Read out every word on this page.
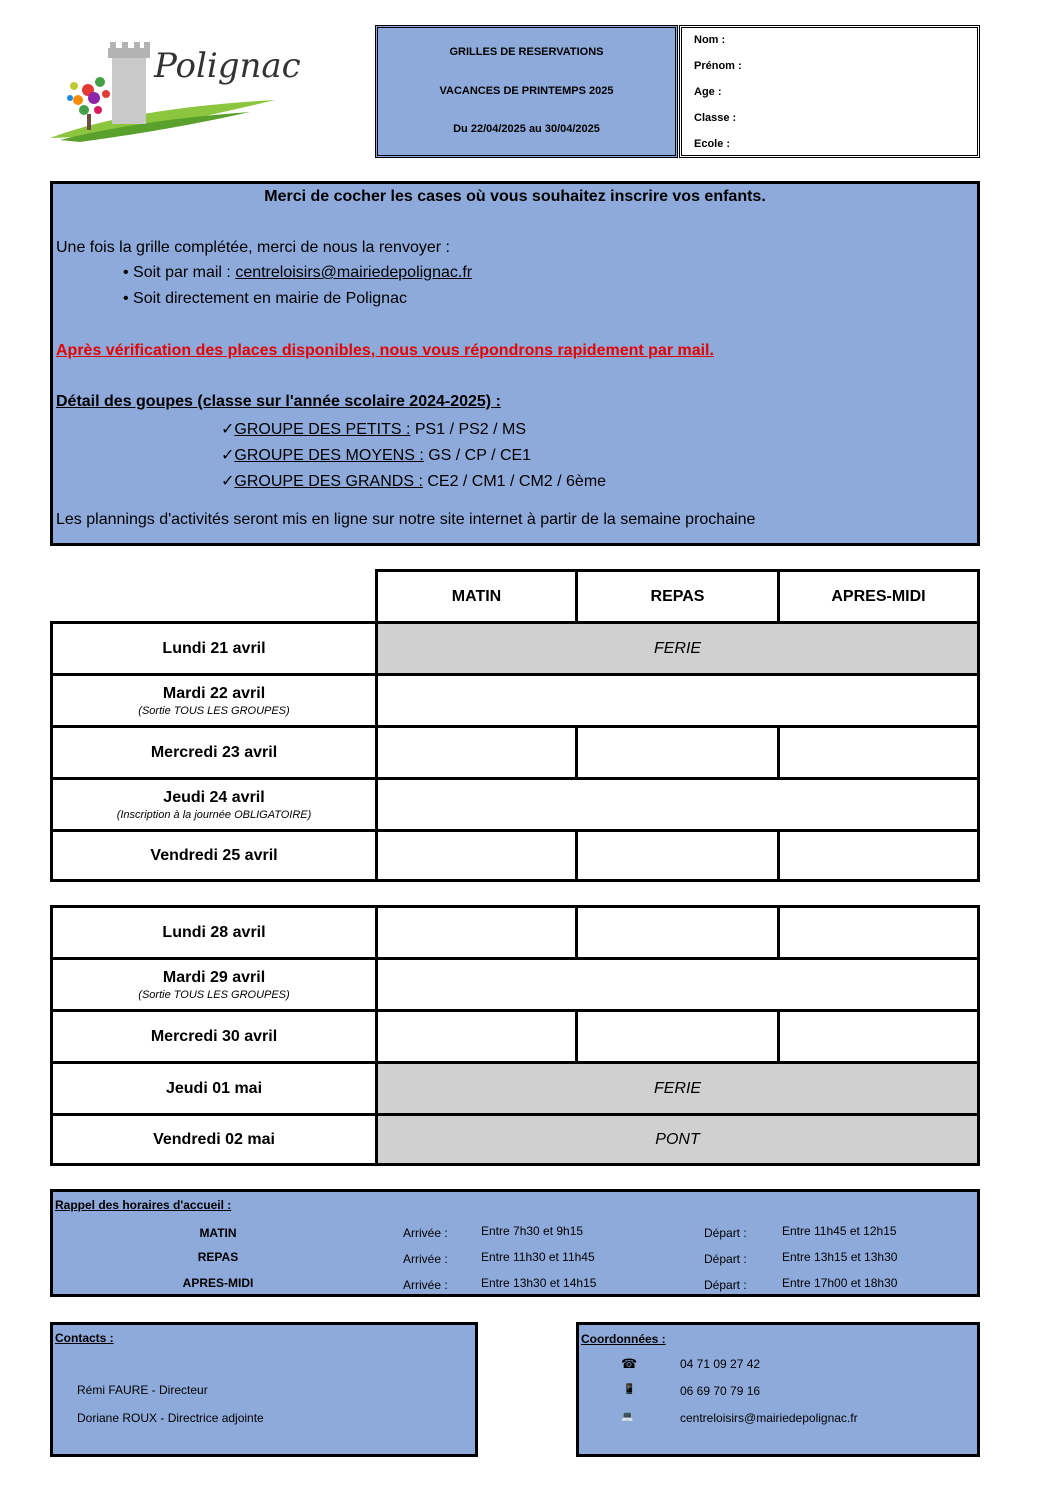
Polignac	GRILLES DE RESERVATIONS
VACANCES DE PRINTEMPS 2025
Du 22/04/2025 au 30/04/2025
Nom :
Prénom :
Age :
Classe :
Ecole :
Merci de cocher les cases où vous souhaitez inscrire vos enfants.
Une fois la grille complétée, merci de nous la renvoyer :
• Soit par mail : centreloisirs@mairiedepolignac.fr
• Soit directement en mairie de Polignac
Après vérification des places disponibles, nous vous répondrons rapidement par mail.
Détail des goupes (classe sur l'année scolaire 2024-2025) :
✓GROUPE DES PETITS : PS1 / PS2 / MS
✓GROUPE DES MOYENS : GS / CP / CE1
✓GROUPE DES GRANDS : CE2 / CM1 / CM2 / 6ème
Les plannings d'activités seront mis en ligne sur notre site internet à partir de la semaine prochaine
MATIN	REPAS	APRES-MIDI
Lundi 21 avril	FERIE
Mardi 22 avril
(Sortie TOUS LES GROUPES)
Mercredi 23 avril
Jeudi 24 avril
(Inscription à la journée OBLIGATOIRE)
Vendredi 25 avril
Lundi 28 avril
Mardi 29 avril
(Sortie TOUS LES GROUPES)
Mercredi 30 avril
Jeudi 01 mai	FERIE
Vendredi 02 mai	PONT
Rappel des horaires d'accueil :
MATIN	Arrivée :	Entre 7h30 et 9h15	Départ :	Entre 11h45 et 12h15
REPAS	Arrivée :	Entre 11h30 et 11h45	Départ :	Entre 13h15 et 13h30
APRES-MIDI	Arrivée :	Entre 13h30 et 14h15	Départ :	Entre 17h00 et 18h30
Contacts :
Rémi FAURE - Directeur
Doriane ROUX - Directrice adjointe
Coordonnées :
☎	04 71 09 27 42
📱	06 69 70 79 16
💻	centreloisirs@mairiedepolignac.fr
